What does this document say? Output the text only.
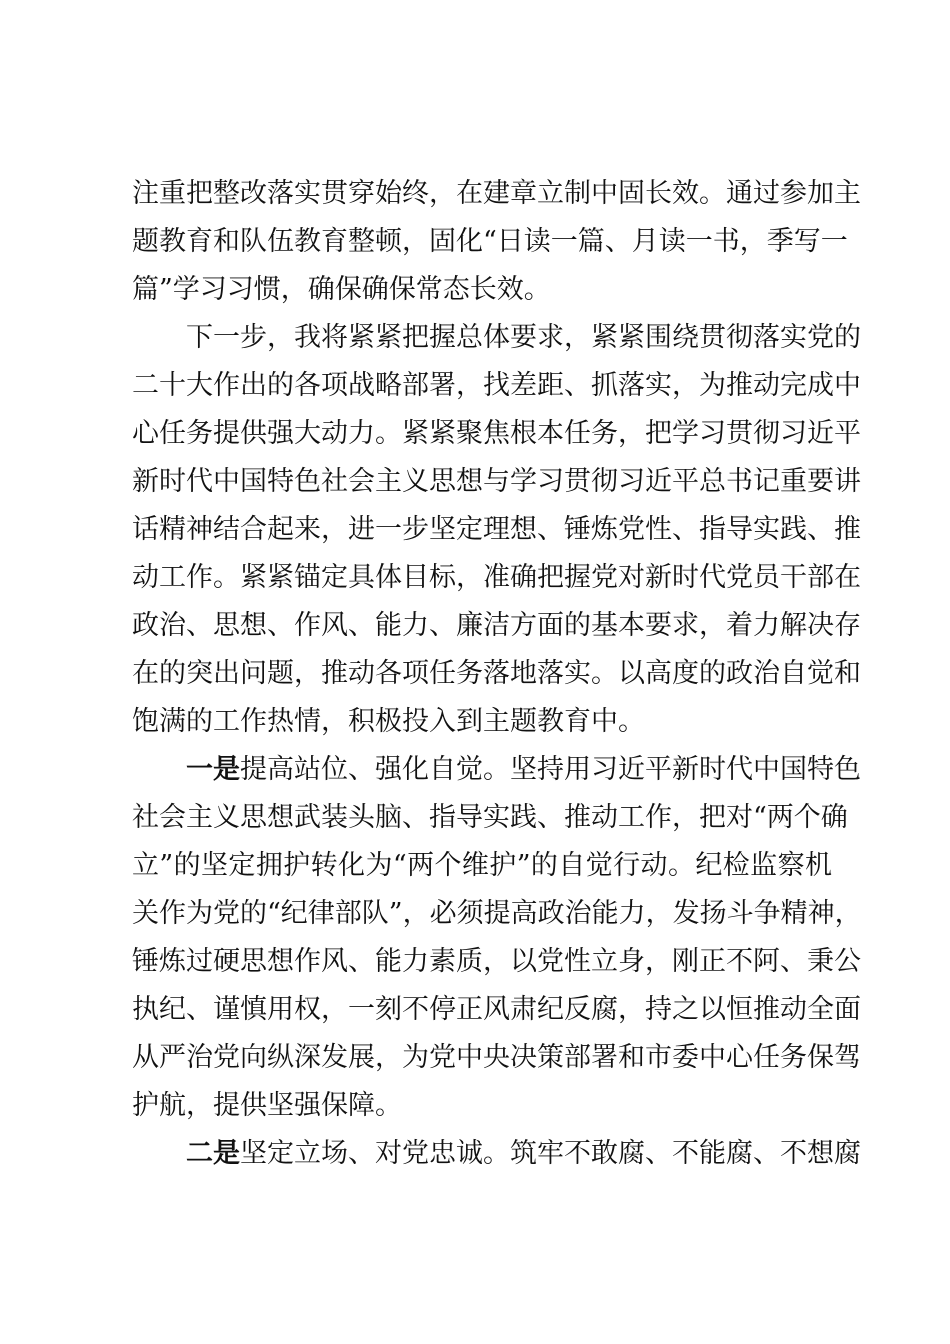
注重把整改落实贯穿始终，在建章立制中固长效。通过参加主
题教育和队伍教育整顿，固化“日读一篇、月读一书，季写一
篇”学习习惯，确保确保常态长效。
下一步，我将紧紧把握总体要求，紧紧围绕贯彻落实党的
二十大作出的各项战略部署，找差距、抓落实，为推动完成中
心任务提供强大动力。紧紧聚焦根本任务，把学习贯彻习近平
新时代中国特色社会主义思想与学习贯彻习近平总书记重要讲
话精神结合起来，进一步坚定理想、锤炼党性、指导实践、推
动工作。紧紧锚定具体目标，准确把握党对新时代党员干部在
政治、思想、作风、能力、廉洁方面的基本要求，着力解决存
在的突出问题，推动各项任务落地落实。以高度的政治自觉和
饱满的工作热情，积极投入到主题教育中。
一是提高站位、强化自觉。坚持用习近平新时代中国特色
社会主义思想武装头脑、指导实践、推动工作，把对“两个确
立”的坚定拥护转化为“两个维护”的自觉行动。纪检监察机
关作为党的“纪律部队”，必须提高政治能力，发扬斗争精神，
锤炼过硬思想作风、能力素质，以党性立身，刚正不阿、秉公
执纪、谨慎用权，一刻不停正风肃纪反腐，持之以恒推动全面
从严治党向纵深发展，为党中央决策部署和市委中心任务保驾
护航，提供坚强保障。
二是坚定立场、对党忠诚。筑牢不敢腐、不能腐、不想腐
